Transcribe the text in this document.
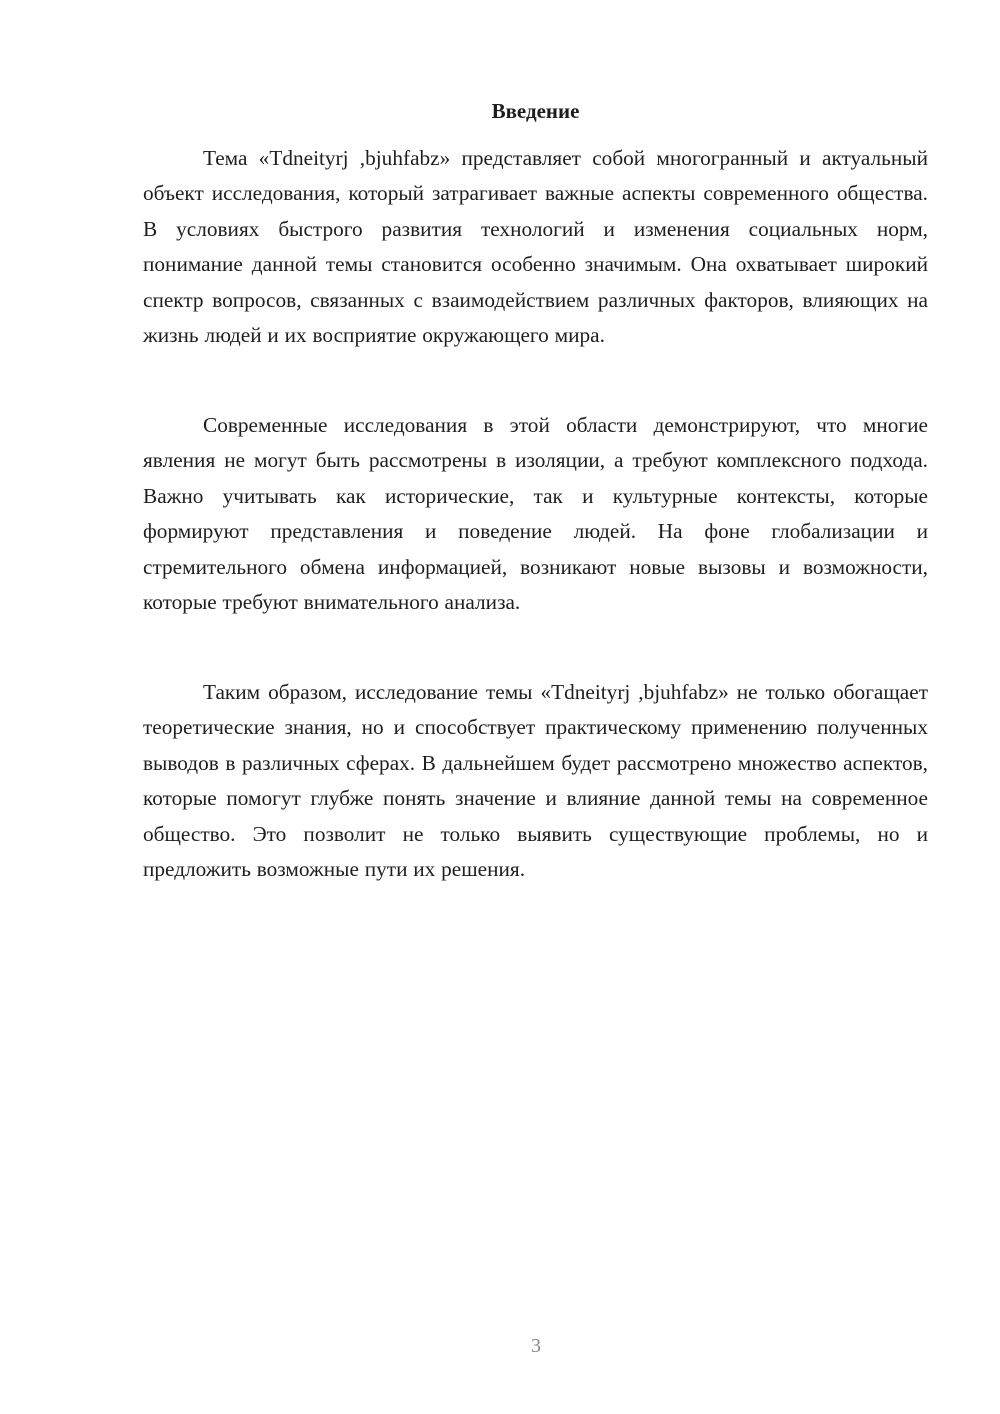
Введение

Тема «Tdneityrj ,bjuhfabz» представляет собой многогранный и актуальный объект исследования, который затрагивает важные аспекты современного общества. В условиях быстрого развития технологий и изменения социальных норм, понимание данной темы становится особенно значимым. Она охватывает широкий спектр вопросов, связанных с взаимодействием различных факторов, влияющих на жизнь людей и их восприятие окружающего мира.

Современные исследования в этой области демонстрируют, что многие явления не могут быть рассмотрены в изоляции, а требуют комплексного подхода. Важно учитывать как исторические, так и культурные контексты, которые формируют представления и поведение людей. На фоне глобализации и стремительного обмена информацией, возникают новые вызовы и возможности, которые требуют внимательного анализа.

Таким образом, исследование темы «Tdneityrj ,bjuhfabz» не только обогащает теоретические знания, но и способствует практическому применению полученных выводов в различных сферах. В дальнейшем будет рассмотрено множество аспектов, которые помогут глубже понять значение и влияние данной темы на современное общество. Это позволит не только выявить существующие проблемы, но и предложить возможные пути их решения.

3
